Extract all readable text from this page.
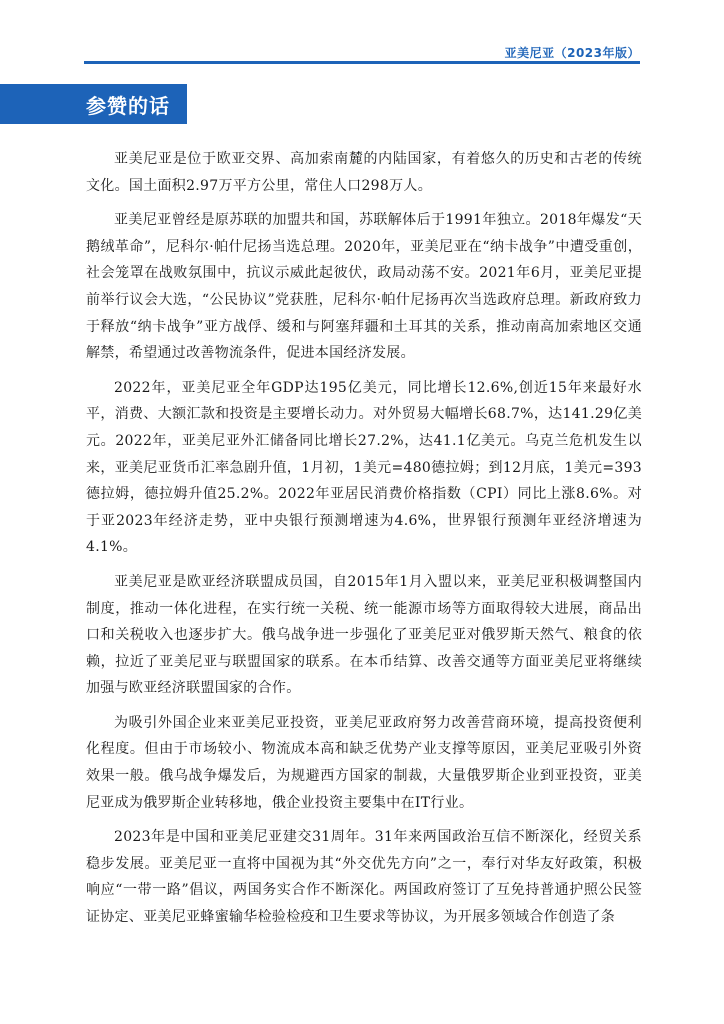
亚美尼亚（2023年版）
参赞的话

亚美尼亚是位于欧亚交界、高加索南麓的内陆国家，有着悠久的历史和古老的传统文化。国土面积2.97万平方公里，常住人口298万人。

亚美尼亚曾经是原苏联的加盟共和国，苏联解体后于1991年独立。2018年爆发“天鹅绒革命”，尼科尔·帕什尼扬当选总理。2020年，亚美尼亚在“纳卡战争”中遭受重创，社会笼罩在战败氛围中，抗议示威此起彼伏，政局动荡不安。2021年6月，亚美尼亚提前举行议会大选，“公民协议”党获胜，尼科尔·帕什尼扬再次当选政府总理。新政府致力于释放“纳卡战争”亚方战俘、缓和与阿塞拜疆和土耳其的关系，推动南高加索地区交通解禁，希望通过改善物流条件，促进本国经济发展。

2022年，亚美尼亚全年GDP达195亿美元，同比增长12.6%,创近15年来最好水平，消费、大额汇款和投资是主要增长动力。对外贸易大幅增长68.7%，达141.29亿美元。2022年，亚美尼亚外汇储备同比增长27.2%，达41.1亿美元。乌克兰危机发生以来，亚美尼亚货币汇率急剧升值，1月初，1美元=480德拉姆；到12月底，1美元=393德拉姆，德拉姆升值25.2%。2022年亚居民消费价格指数（CPI）同比上涨8.6%。对于亚2023年经济走势，亚中央银行预测增速为4.6%，世界银行预测年亚经济增速为4.1%。

亚美尼亚是欧亚经济联盟成员国，自2015年1月入盟以来，亚美尼亚积极调整国内制度，推动一体化进程，在实行统一关税、统一能源市场等方面取得较大进展，商品出口和关税收入也逐步扩大。俄乌战争进一步强化了亚美尼亚对俄罗斯天然气、粮食的依赖，拉近了亚美尼亚与联盟国家的联系。在本币结算、改善交通等方面亚美尼亚将继续加强与欧亚经济联盟国家的合作。

为吸引外国企业来亚美尼亚投资，亚美尼亚政府努力改善营商环境，提高投资便利化程度。但由于市场较小、物流成本高和缺乏优势产业支撑等原因，亚美尼亚吸引外资效果一般。俄乌战争爆发后，为规避西方国家的制裁，大量俄罗斯企业到亚投资，亚美尼亚成为俄罗斯企业转移地，俄企业投资主要集中在IT行业。

2023年是中国和亚美尼亚建交31周年。31年来两国政治互信不断深化，经贸关系稳步发展。亚美尼亚一直将中国视为其“外交优先方向”之一，奉行对华友好政策，积极响应“一带一路”倡议，两国务实合作不断深化。两国政府签订了互免持普通护照公民签证协定、亚美尼亚蜂蜜输华检验检疫和卫生要求等协议，为开展多领域合作创造了条
